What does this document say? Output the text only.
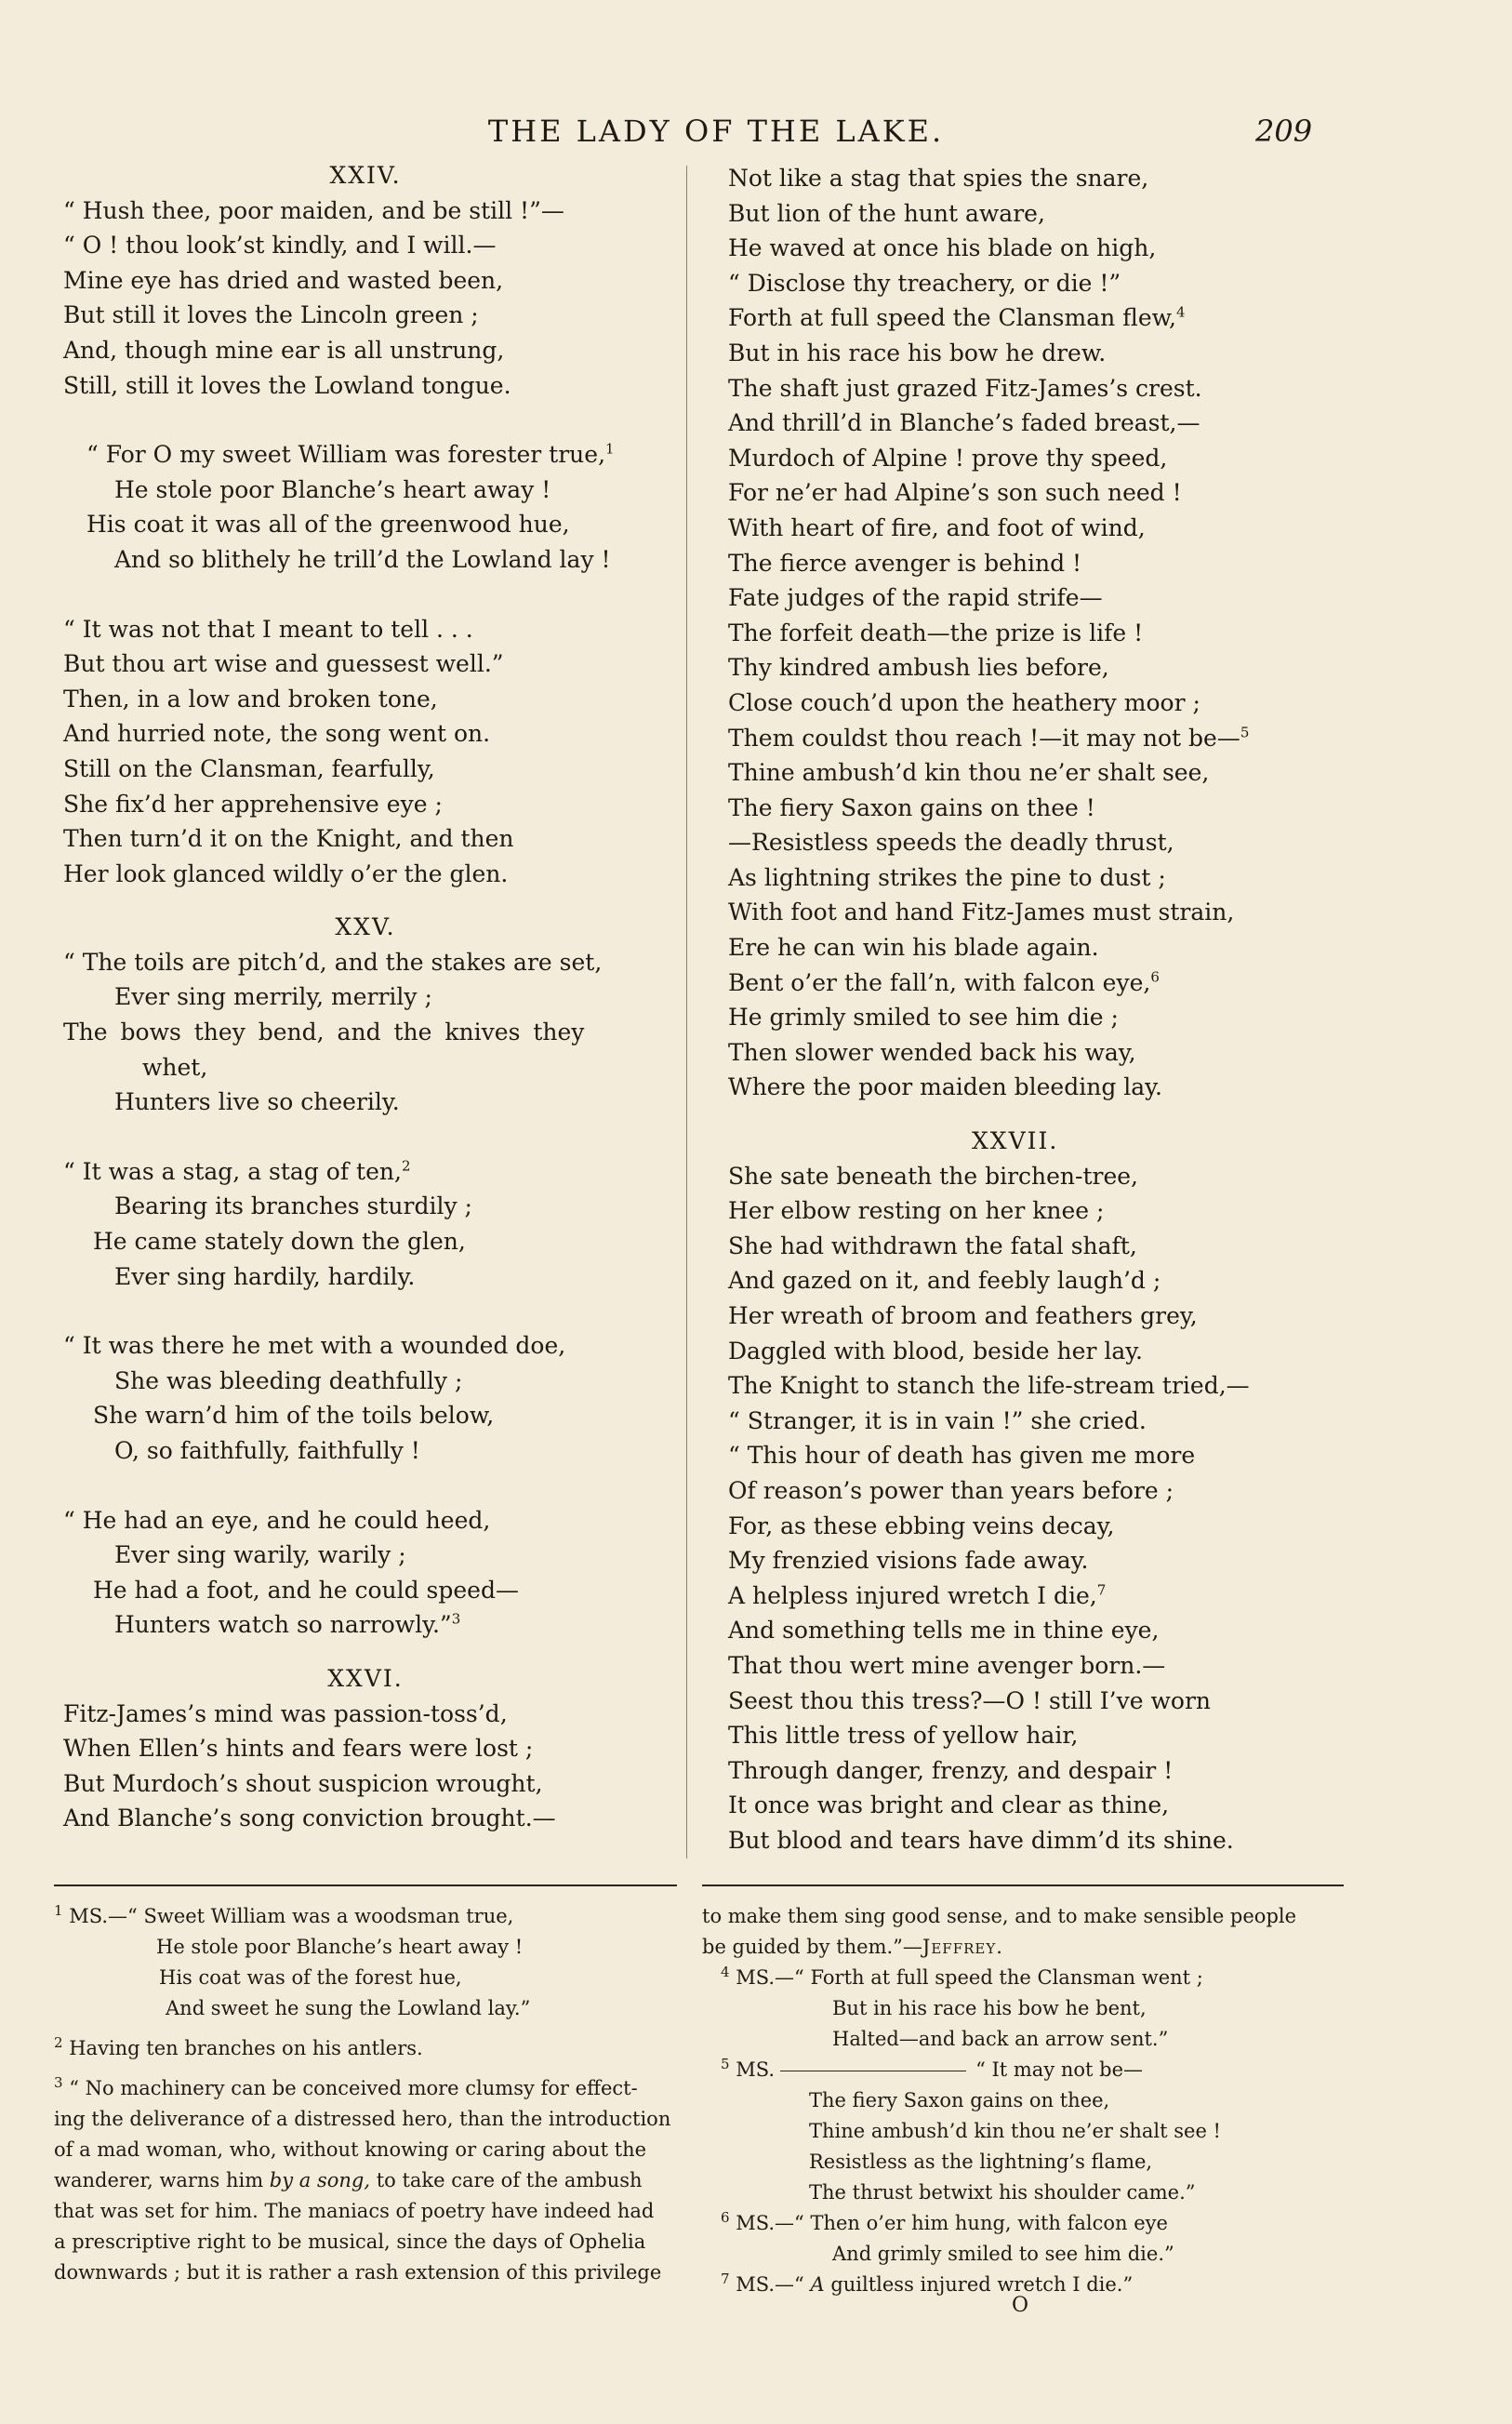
THE LADY OF THE LAKE.	209
XXIV.
“ Hush thee, poor maiden, and be still !”—
“ O ! thou look’st kindly, and I will.—
Mine eye has dried and wasted been,
But still it loves the Lincoln green ;
And, though mine ear is all unstrung,
Still, still it loves the Lowland tongue.
“ For O my sweet William was forester true,$^1$
He stole poor Blanche’s heart away !
His coat it was all of the greenwood hue,
And so blithely he trill’d the Lowland lay !
“ It was not that I meant to tell . . .
But thou art wise and guessest well.”
Then, in a low and broken tone,
And hurried note, the song went on.
Still on the Clansman, fearfully,
She fix’d her apprehensive eye ;
Then turn’d it on the Knight, and then
Her look glanced wildly o’er the glen.
XXV.
“ The toils are pitch’d, and the stakes are set,
Ever sing merrily, merrily ;
The bows they bend, and the knives they
whet,
Hunters live so cheerily.
“ It was a stag, a stag of ten,$^2$
Bearing its branches sturdily ;
He came stately down the glen,
Ever sing hardily, hardily.
“ It was there he met with a wounded doe,
She was bleeding deathfully ;
She warn’d him of the toils below,
O, so faithfully, faithfully !
“ He had an eye, and he could heed,
Ever sing warily, warily ;
He had a foot, and he could speed—
Hunters watch so narrowly.”$^3$
XXVI.
Fitz-James’s mind was passion-toss’d,
When Ellen’s hints and fears were lost ;
But Murdoch’s shout suspicion wrought,
And Blanche’s song conviction brought.—
Not like a stag that spies the snare,
But lion of the hunt aware,
He waved at once his blade on high,
“ Disclose thy treachery, or die !”
Forth at full speed the Clansman flew,$^4$
But in his race his bow he drew.
The shaft just grazed Fitz-James’s crest.
And thrill’d in Blanche’s faded breast,—
Murdoch of Alpine ! prove thy speed,
For ne’er had Alpine’s son such need !
With heart of fire, and foot of wind,
The fierce avenger is behind !
Fate judges of the rapid strife—
The forfeit death—the prize is life !
Thy kindred ambush lies before,
Close couch’d upon the heathery moor ;
Them couldst thou reach !—it may not be—$^5$
Thine ambush’d kin thou ne’er shalt see,
The fiery Saxon gains on thee !
—Resistless speeds the deadly thrust,
As lightning strikes the pine to dust ;
With foot and hand Fitz-James must strain,
Ere he can win his blade again.
Bent o’er the fall’n, with falcon eye,$^6$
He grimly smiled to see him die ;
Then slower wended back his way,
Where the poor maiden bleeding lay.
XXVII.
She sate beneath the birchen-tree,
Her elbow resting on her knee ;
She had withdrawn the fatal shaft,
And gazed on it, and feebly laugh’d ;
Her wreath of broom and feathers grey,
Daggled with blood, beside her lay.
The Knight to stanch the life-stream tried,—
“ Stranger, it is in vain !” she cried.
“ This hour of death has given me more
Of reason’s power than years before ;
For, as these ebbing veins decay,
My frenzied visions fade away.
A helpless injured wretch I die,$^7$
And something tells me in thine eye,
That thou wert mine avenger born.—
Seest thou this tress?—O ! still I’ve worn
This little tress of yellow hair,
Through danger, frenzy, and despair !
It once was bright and clear as thine,
But blood and tears have dimm’d its shine.
$^1$ MS.—“ Sweet William was a woodsman true,
He stole poor Blanche’s heart away !
His coat was of the forest hue,
And sweet he sung the Lowland lay.”
$^2$ Having ten branches on his antlers.
$^3$ “ No machinery can be conceived more clumsy for effect-
ing the deliverance of a distressed hero, than the introduction
of a mad woman, who, without knowing or caring about the
wanderer, warns him by a song, to take care of the ambush
that was set for him. The maniacs of poetry have indeed had
a prescriptive right to be musical, since the days of Ophelia
downwards ; but it is rather a rash extension of this privilege
to make them sing good sense, and to make sensible people
be guided by them.”—Jeffrey.
$^4$ MS.—“ Forth at full speed the Clansman went ;
But in his race his bow he bent,
Halted—and back an arrow sent.”
$^5$ MS.	“ It may not be—
The fiery Saxon gains on thee,
Thine ambush’d kin thou ne’er shalt see !
Resistless as the lightning’s flame,
The thrust betwixt his shoulder came.”
$^6$ MS.—“ Then o’er him hung, with falcon eye
And grimly smiled to see him die.”
$^7$ MS.—“ A guiltless injured wretch I die.”
O
